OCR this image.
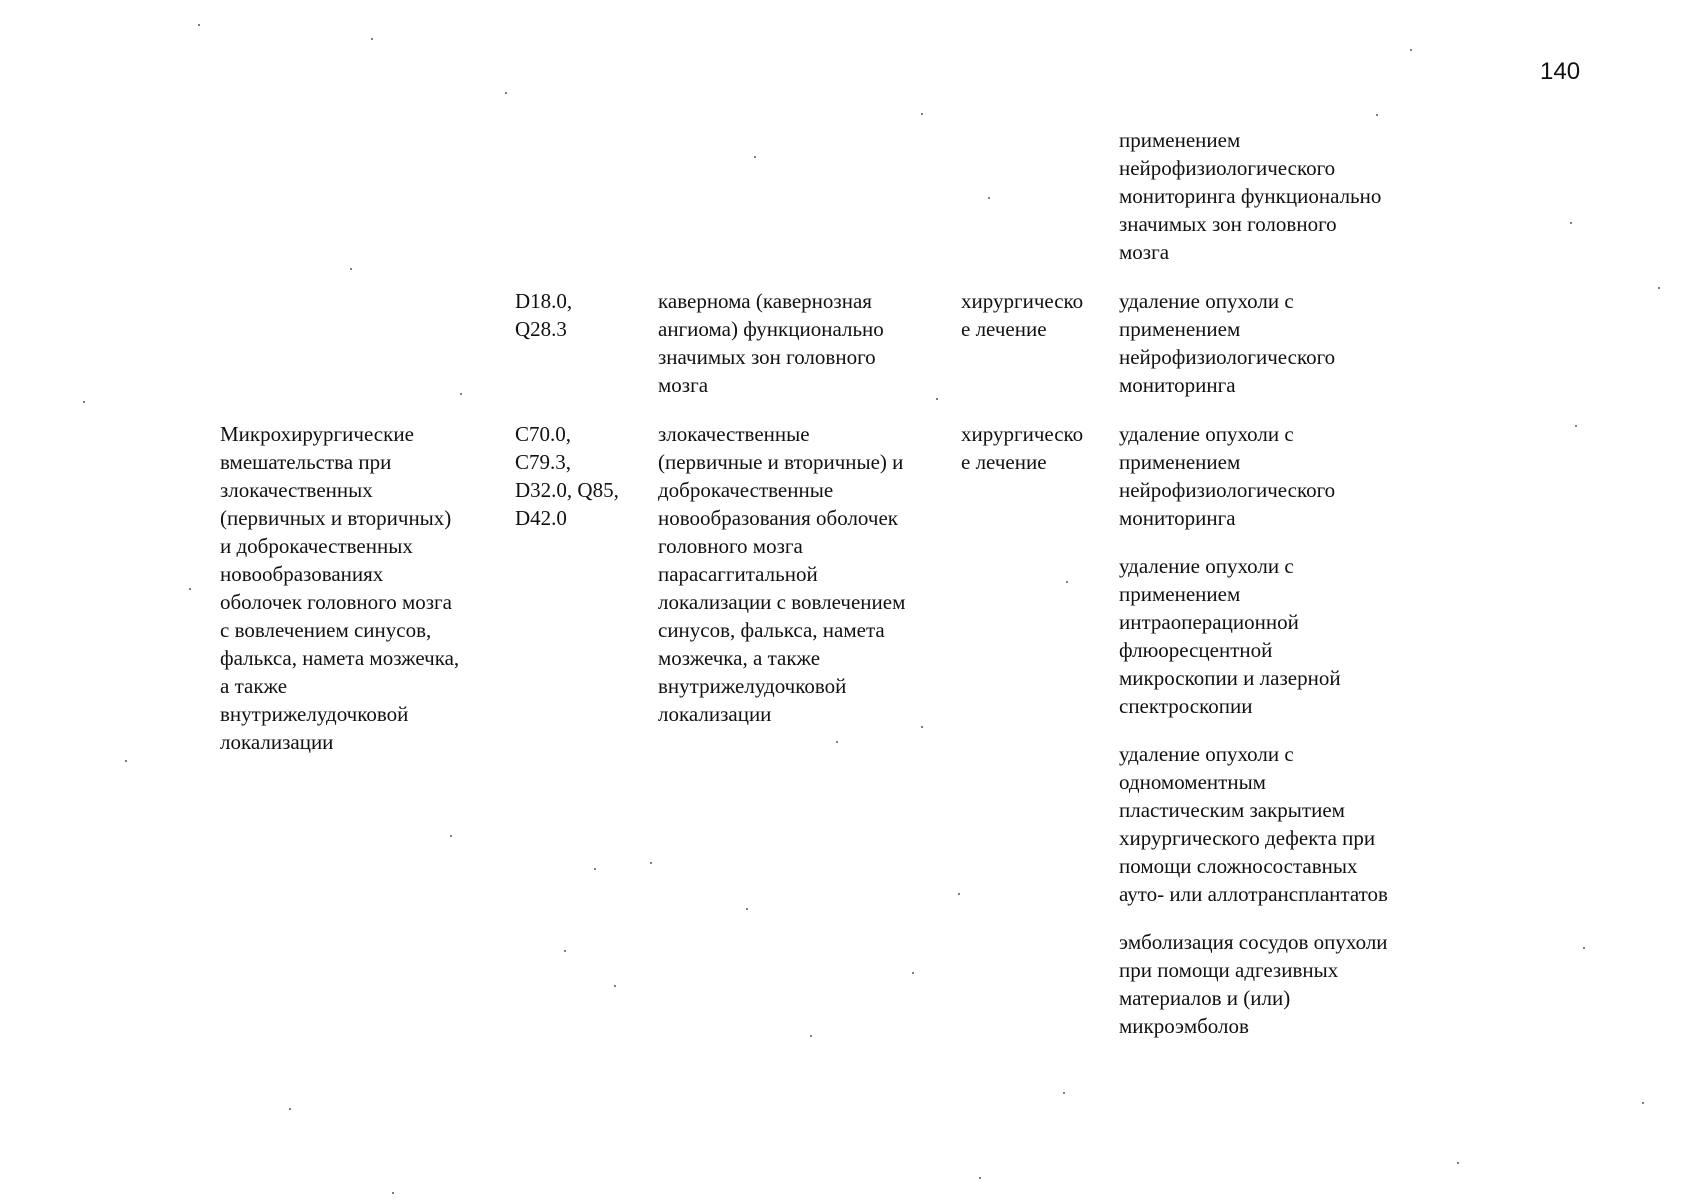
140
применением
нейрофизиологического
мониторинга функционально
значимых зон головного
мозга
D18.0,
Q28.3
кавернома (кавернозная
ангиома) функционально
значимых зон головного
мозга
хирургическо
е лечение
удаление опухоли с
применением
нейрофизиологического
мониторинга
Микрохирургические
вмешательства при
злокачественных
(первичных и вторичных)
и доброкачественных
новообразованиях
оболочек головного мозга
с вовлечением синусов,
фалькса, намета мозжечка,
а также
внутрижелудочковой
локализации
C70.0,
C79.3,
D32.0, Q85,
D42.0
злокачественные
(первичные и вторичные) и
доброкачественные
новообразования оболочек
головного мозга
парасаггитальной
локализации с вовлечением
синусов, фалькса, намета
мозжечка, а также
внутрижелудочковой
локализации
хирургическо
е лечение
удаление опухоли с
применением
нейрофизиологического
мониторинга
удаление опухоли с
применением
интраоперационной
флюоресцентной
микроскопии и лазерной
спектроскопии
удаление опухоли с
одномоментным
пластическим закрытием
хирургического дефекта при
помощи сложносоставных
ауто- или аллотрансплантатов
эмболизация сосудов опухоли
при помощи адгезивных
материалов и (или)
микроэмболов
